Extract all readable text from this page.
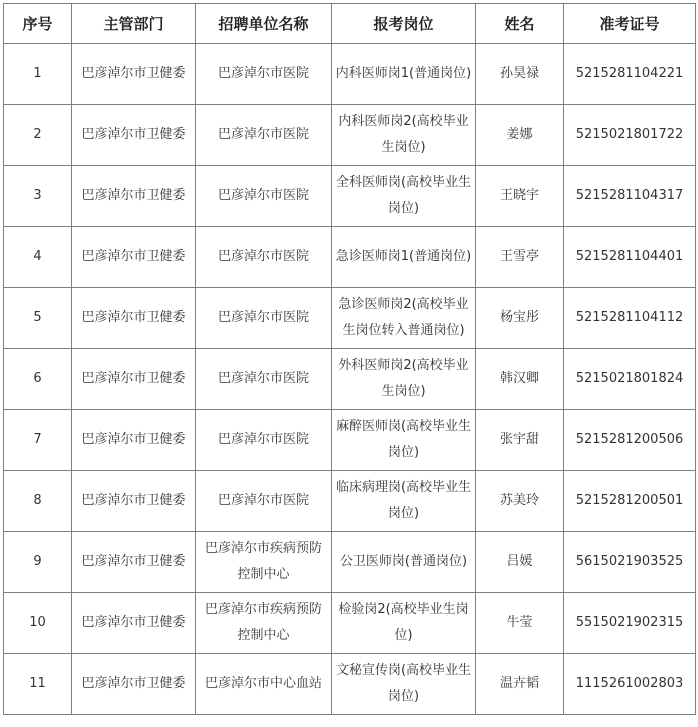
序号	主管部门	招聘单位名称	报考岗位	姓名	准考证号
1	巴彦淖尔市卫健委	巴彦淖尔市医院	内科医师岗1(普通岗位)	孙昊禄	5215281104221
2	巴彦淖尔市卫健委	巴彦淖尔市医院	内科医师岗2(高校毕业生岗位)	姜娜	5215021801722
3	巴彦淖尔市卫健委	巴彦淖尔市医院	全科医师岗(高校毕业生岗位)	王晓宇	5215281104317
4	巴彦淖尔市卫健委	巴彦淖尔市医院	急诊医师岗1(普通岗位)	王雪亭	5215281104401
5	巴彦淖尔市卫健委	巴彦淖尔市医院	急诊医师岗2(高校毕业生岗位转入普通岗位)	杨宝彤	5215281104112
6	巴彦淖尔市卫健委	巴彦淖尔市医院	外科医师岗2(高校毕业生岗位)	韩汉卿	5215021801824
7	巴彦淖尔市卫健委	巴彦淖尔市医院	麻醉医师岗(高校毕业生岗位)	张宇甜	5215281200506
8	巴彦淖尔市卫健委	巴彦淖尔市医院	临床病理岗(高校毕业生岗位)	苏美玲	5215281200501
9	巴彦淖尔市卫健委	巴彦淖尔市疾病预防控制中心	公卫医师岗(普通岗位)	吕媛	5615021903525
10	巴彦淖尔市卫健委	巴彦淖尔市疾病预防控制中心	检验岗2(高校毕业生岗位)	牛莹	5515021902315
11	巴彦淖尔市卫健委	巴彦淖尔市中心血站	文秘宣传岗(高校毕业生岗位)	温卉韬	1115261002803
